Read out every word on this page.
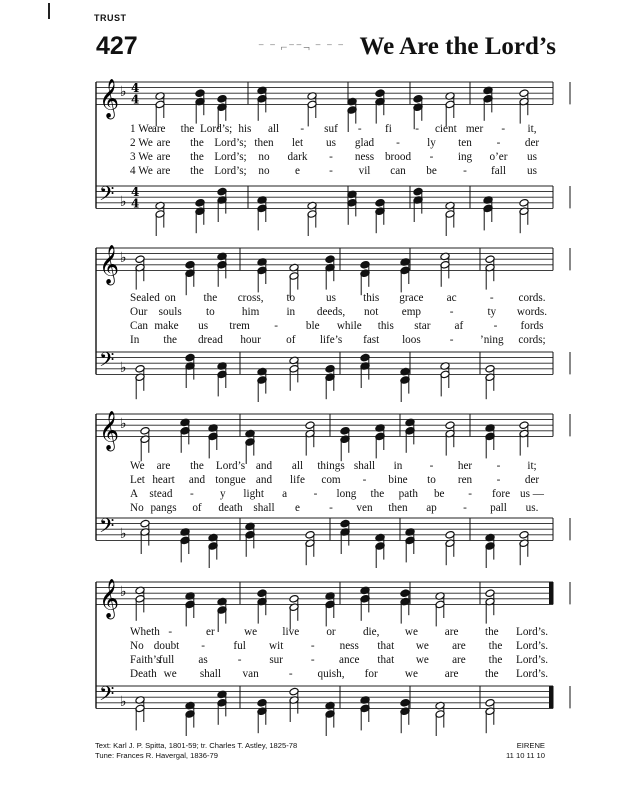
TRUST
427	⁻ ⁻ ⌐⁻⁻¬ ⁻ ⁻ ⁻ We Are the Lord’s
𝄞
𝄢
♭
♭
4
4
4
4
𝄞
𝄢
♭
♭
𝄞
𝄢
♭
♭
𝄞
𝄢
♭
♭
1 We are the Lord’s; his all - suf - fi - cient mer - it,
2 We are the Lord’s; then let us glad - ly ten - der
3 We are the Lord’s; no dark - ness brood - ing o’er us
4 We are the Lord’s; no e	- vil can be - fall us
Sealed on the cross, to	us this grace ac	- cords.
Our souls to him in deeds, not emp	-	ty words.
Can make us trem - ble while this star af	- fords
In the dread hour of life’s fast loos	- ’ning cords;
We are the Lord’s and all things shall in - her - it;
Let heart and tongue and life com - bine to ren - der
A stead - y light a - long the path be - fore us —
No pangs of death shall e	- ven then ap - pall us.
Wheth -	er	we live or die, we are the Lord’s.
No doubt -	ful wit - ness that we are the Lord’s.
Faith’s
full as	- sur - ance that we are the Lord’s.
Death we shall van	- quish, for we are the Lord’s.
Text: Karl J. P. Spitta, 1801-59; tr. Charles T. Astley, 1825-78
Tune: Frances R. Havergal, 1836-79
EIRENE
11 10 11 10
